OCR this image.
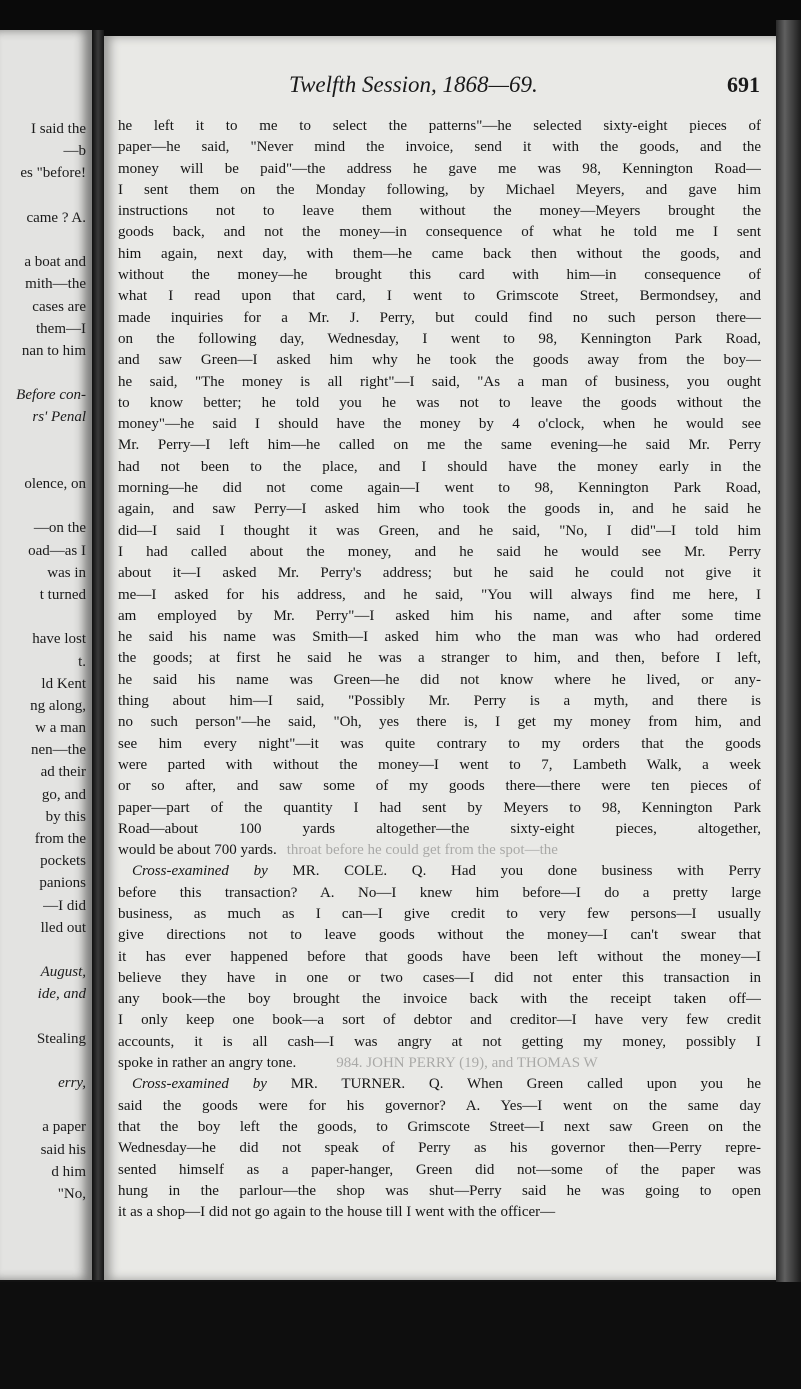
I said the
—b
es "before!
came ? A.
a boat and
mith—the
cases are
them—I
nan to him
Before con-
rs' Penal
olence, on
—on the
oad—as I
was in
t turned
have lost
t.
ld Kent
ng along,
w a man
nen—the
ad their
go, and
by this
from the
pockets
panions
—I did
lled out
August,
ide, and
Stealing
erry,
a paper
said his
d him
"No,
Twelfth Session, 1868—69.	691
he left it to me to select the patterns"—he selected sixty-eight pieces of
paper—he said, "Never mind the invoice, send it with the goods, and the
money will be paid"—the address he gave me was 98, Kennington Road—
I sent them on the Monday following, by Michael Meyers, and gave him
instructions not to leave them without the money—Meyers brought the
goods back, and not the money—in consequence of what he told me I sent
him again, next day, with them—he came back then without the goods, and
without the money—he brought this card with him—in consequence of
what I read upon that card, I went to Grimscote Street, Bermondsey, and
made inquiries for a Mr. J. Perry, but could find no such person there—
on the following day, Wednesday, I went to 98, Kennington Park Road,
and saw Green—I asked him why he took the goods away from the boy—
he said, "The money is all right"—I said, "As a man of business, you ought
to know better; he told you he was not to leave the goods without the
money"—he said I should have the money by 4 o'clock, when he would see
Mr. Perry—I left him—he called on me the same evening—he said Mr. Perry
had not been to the place, and I should have the money early in the
morning—he did not come again—I went to 98, Kennington Park Road,
again, and saw Perry—I asked him who took the goods in, and he said he
did—I said I thought it was Green, and he said, "No, I did"—I told him
I had called about the money, and he said he would see Mr. Perry
about it—I asked Mr. Perry's address; but he said he could not give it
me—I asked for his address, and he said, "You will always find me here, I
am employed by Mr. Perry"—I asked him his name, and after some time
he said his name was Smith—I asked him who the man was who had ordered
the goods; at first he said he was a stranger to him, and then, before I left,
he said his name was Green—he did not know where he lived, or any-
thing about him—I said, "Possibly Mr. Perry is a myth, and there is
no such person"—he said, "Oh, yes there is, I get my money from him, and
see him every night"—it was quite contrary to my orders that the goods
were parted with without the money—I went to 7, Lambeth Walk, a week
or so after, and saw some of my goods there—there were ten pieces of
paper—part of the quantity I had sent by Meyers to 98, Kennington Park
Road—about 100 yards altogether—the sixty-eight pieces, altogether,
would be about 700 yards. throat before he could get from the spot—the
Cross-examined by MR. COLE. Q. Had you done business with Perry
before this transaction? A. No—I knew him before—I do a pretty large
business, as much as I can—I give credit to very few persons—I usually
give directions not to leave goods without the money—I can't swear that
it has ever happened before that goods have been left without the money—I
believe they have in one or two cases—I did not enter this transaction in
any book—the boy brought the invoice back with the receipt taken off—
I only keep one book—a sort of debtor and creditor—I have very few credit
accounts, it is all cash—I was angry at not getting my money, possibly I
spoke in rather an angry tone.	984. JOHN PERRY (19), and THOMAS W
Cross-examined by MR. TURNER. Q. When Green called upon you he
said the goods were for his governor? A. Yes—I went on the same day
that the boy left the goods, to Grimscote Street—I next saw Green on the
Wednesday—he did not speak of Perry as his governor then—Perry repre-
sented himself as a paper-hanger, Green did not—some of the paper was
hung in the parlour—the shop was shut—Perry said he was going to open
it as a shop—I did not go again to the house till I went with the officer—
